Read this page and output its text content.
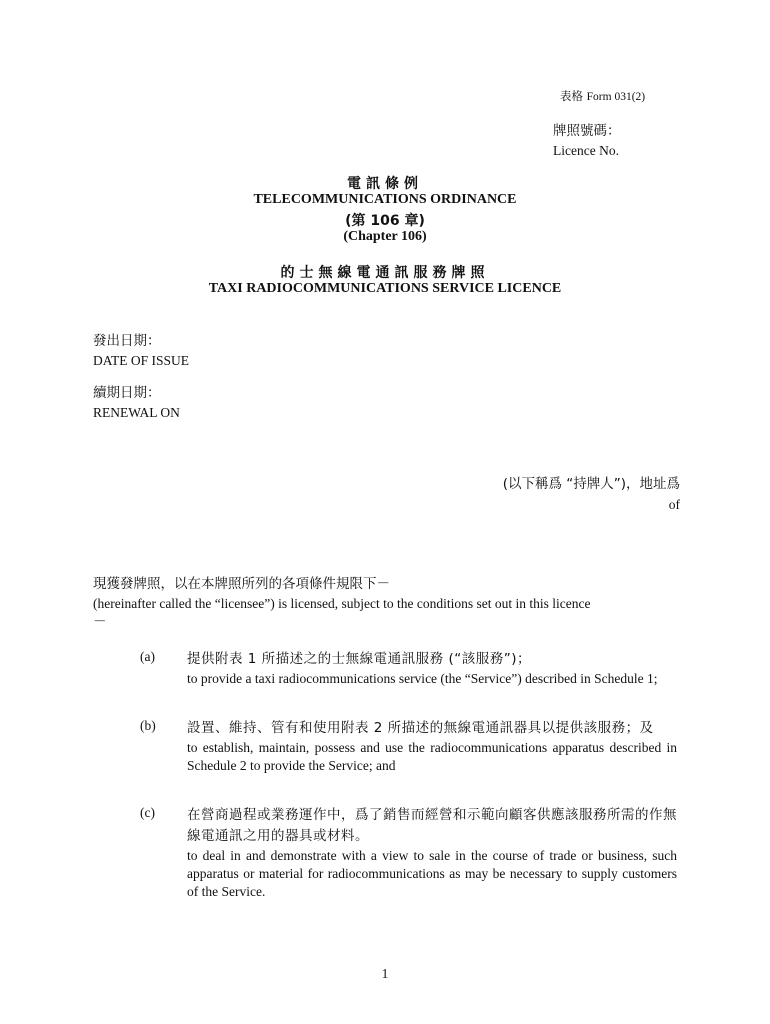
表格 Form 031(2)
牌照號碼：
Licence No.
電訊條例
TELECOMMUNICATIONS ORDINANCE
(第 106 章)
(Chapter 106)
的士無線電通訊服務牌照
TAXI RADIOCOMMUNICATIONS SERVICE LICENCE
發出日期：
DATE OF ISSUE
續期日期：
RENEWAL ON
(以下稱爲 “持牌人”)，地址爲
of
現獲發牌照，以在本牌照所列的各項條件規限下－
(hereinafter called the “licensee”) is licensed, subject to the conditions set out in this licence
－
(a) 提供附表 1 所描述之的士無線電通訊服務 (“該服務”)；
to provide a taxi radiocommunications service (the “Service”) described in Schedule 1;
(b) 設置、維持、管有和使用附表 2 所描述的無線電通訊器具以提供該服務；及
to establish, maintain, possess and use the radiocommunications apparatus described in Schedule 2 to provide the Service; and
(c) 在營商過程或業務運作中，爲了銷售而經營和示範向顧客供應該服務所需的作無線電通訊之用的器具或材料。
to deal in and demonstrate with a view to sale in the course of trade or business, such apparatus or material for radiocommunications as may be necessary to supply customers of the Service.
1
